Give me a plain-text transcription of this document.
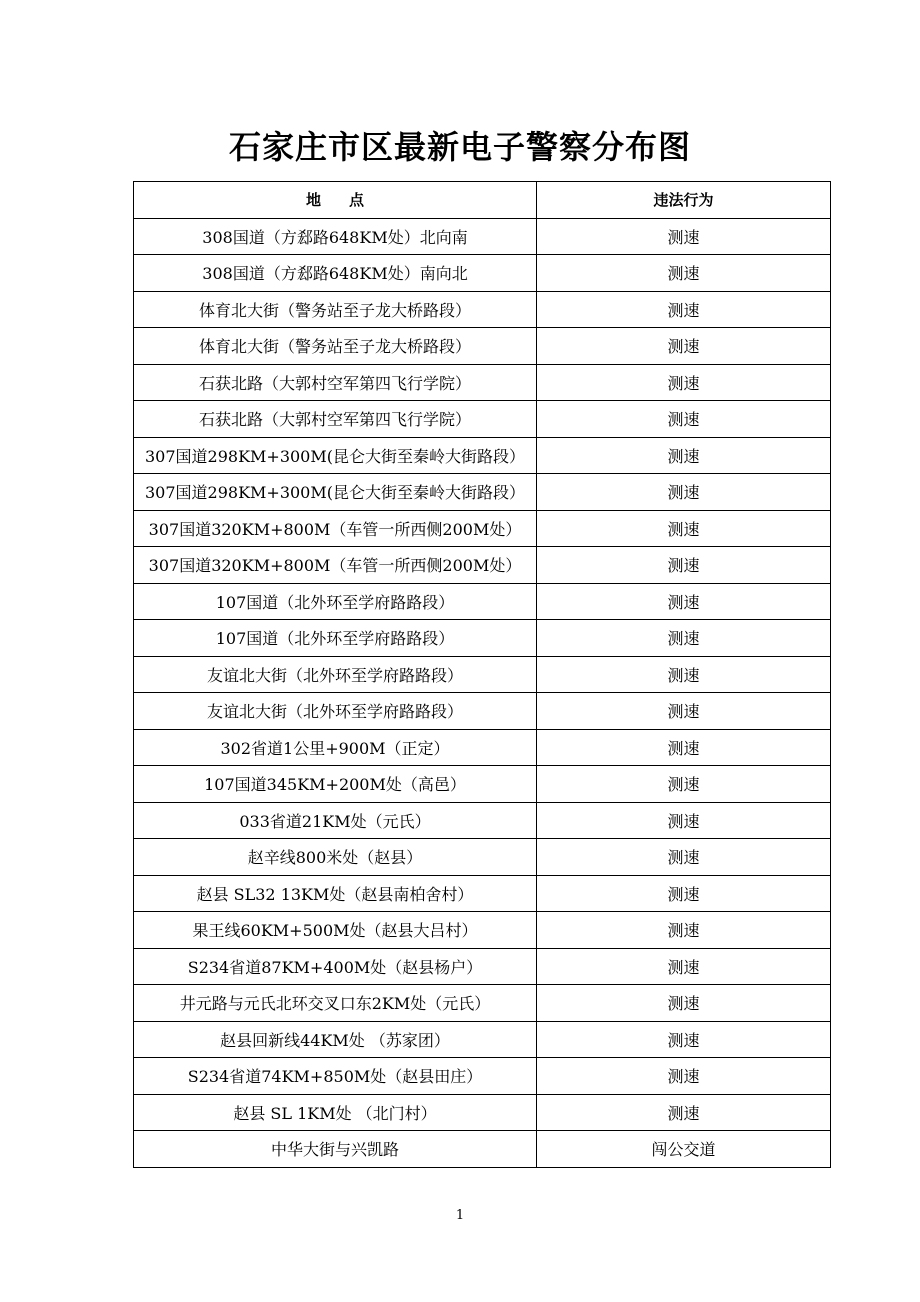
石家庄市区最新电子警察分布图
地点	违法行为
308国道（方郄路648KM处）北向南	测速
308国道（方郄路648KM处）南向北	测速
体育北大街（警务站至子龙大桥路段）	测速
体育北大街（警务站至子龙大桥路段）	测速
石获北路（大郭村空军第四飞行学院）	测速
石获北路（大郭村空军第四飞行学院）	测速
307国道298KM+300M(昆仑大街至秦岭大街路段）	测速
307国道298KM+300M(昆仑大街至秦岭大街路段）	测速
307国道320KM+800M（车管一所西侧200M处）	测速
307国道320KM+800M（车管一所西侧200M处）	测速
107国道（北外环至学府路路段）	测速
107国道（北外环至学府路路段）	测速
友谊北大街（北外环至学府路路段）	测速
友谊北大街（北外环至学府路路段）	测速
302省道1公里+900M（正定）	测速
107国道345KM+200M处（高邑）	测速
033省道21KM处（元氏）	测速
赵辛线800米处（赵县）	测速
赵县 SL32 13KM处（赵县南柏舍村）	测速
果王线60KM+500M处（赵县大吕村）	测速
S234省道87KM+400M处（赵县杨户）	测速
井元路与元氏北环交叉口东2KM处（元氏）	测速
赵县回新线44KM处 （苏家团）	测速
S234省道74KM+850M处（赵县田庄）	测速
赵县 SL 1KM处 （北门村）	测速
中华大街与兴凯路	闯公交道
1
